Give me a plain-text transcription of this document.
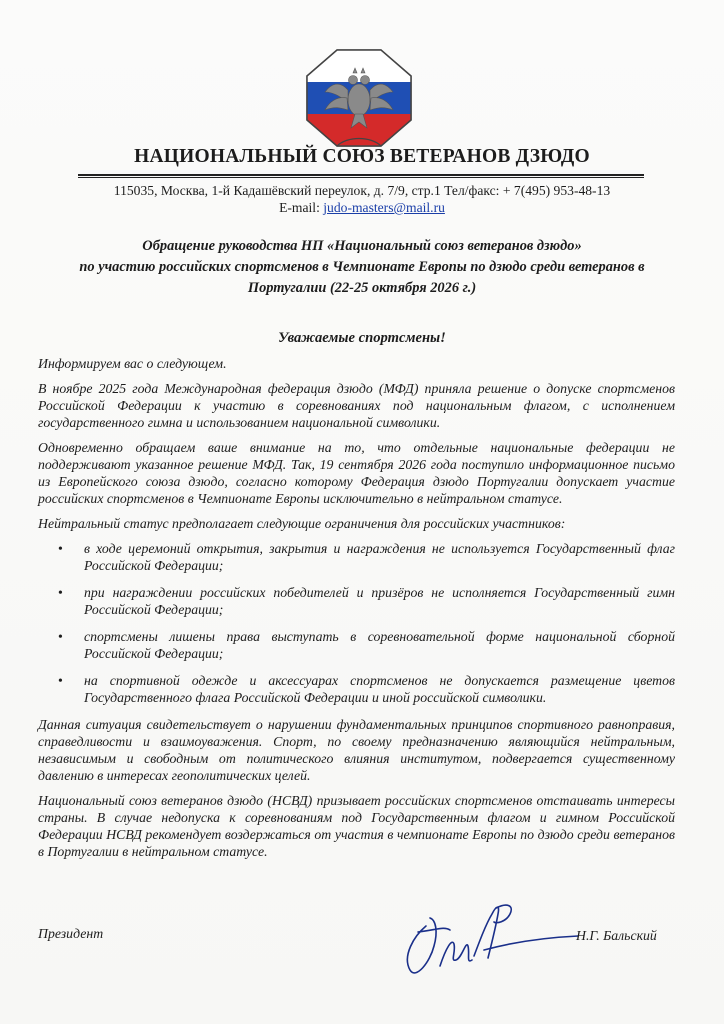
НАЦИОНАЛЬНЫЙ СОЮЗ ВЕТЕРАНОВ ДЗЮДО
115035, Москва, 1-й Кадашёвский переулок, д. 7/9, стр.1 Тел/факс: + 7(495) 953-48-13
E-mail: judo-masters@mail.ru
Обращение руководства НП «Национальный союз ветеранов дзюдо»
по участию российских спортсменов в Чемпионате Европы по дзюдо среди ветеранов в
Португалии (22-25 октября 2026 г.)
Уважаемые спортсмены!

Информируем вас о следующем.

В ноябре 2025 года Международная федерация дзюдо (МФД) приняла решение о допуске спортсменов Российской Федерации к участию в соревнованиях под национальным флагом, с исполнением государственного гимна и использованием национальной символики.

Одновременно обращаем ваше внимание на то, что отдельные национальные федерации не поддерживают указанное решение МФД. Так, 19 сентября 2026 года поступило информационное письмо из Европейского союза дзюдо, согласно которому Федерация дзюдо Португалии допускает участие российских спортсменов в Чемпионате Европы исключительно в нейтральном статусе.

Нейтральный статус предполагает следующие ограничения для российских участников:

• в ходе церемоний открытия, закрытия и награждения не используется Государственный флаг Российской Федерации;
• при награждении российских победителей и призёров не исполняется Государственный гимн Российской Федерации;
• спортсмены лишены права выступать в соревновательной форме национальной сборной Российской Федерации;
• на спортивной одежде и аксессуарах спортсменов не допускается размещение цветов Государственного флага Российской Федерации и иной российской символики.

Данная ситуация свидетельствует о нарушении фундаментальных принципов спортивного равноправия, справедливости и взаимоуважения. Спорт, по своему предназначению являющийся нейтральным, независимым и свободным от политического влияния институтом, подвергается существенному давлению в интересах геополитических целей.

Национальный союз ветеранов дзюдо (НСВД) призывает российских спортсменов отстаивать интересы страны. В случае недопуска к соревнованиям под Государственным флагом и гимном Российской Федерации НСВД рекомендует воздержаться от участия в чемпионате Европы по дзюдо среди ветеранов в Португалии в нейтральном статусе.

Президент	Н.Г. Бальский
